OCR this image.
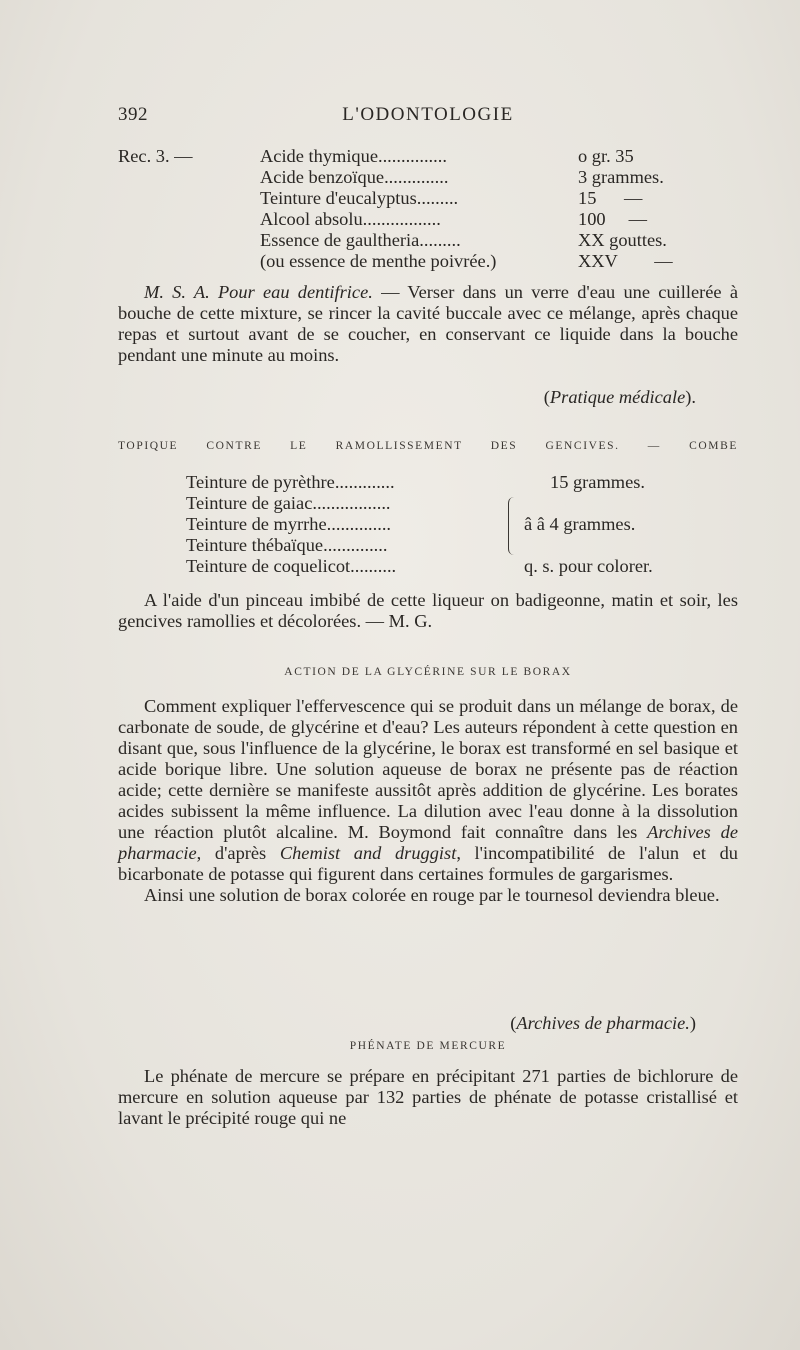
392	L'ODONTOLOGIE
Rec. 3. —	Acide thymique...............	o gr. 35
Acide benzoïque..............	3 grammes.
Teinture d'eucalyptus.........	15      —
Alcool absolu.................	100     —
Essence de gaultheria.........	XX gouttes.
(ou essence de menthe poivrée.)	XXV        —

M. S. A. Pour eau dentifrice. — Verser dans un verre d'eau une cuillerée à bouche de cette mixture, se rincer la cavité buccale avec ce mélange, après chaque repas et surtout avant de se coucher, en conservant ce liquide dans la bouche pendant une minute au moins.

(Pratique médicale).
TOPIQUE CONTRE LE RAMOLLISSEMENT DES GENCIVES. — COMBE
Teinture de pyrèthre.............	15 grammes.
Teinture de gaiac.................
Teinture de myrrhe..............	â â 4 grammes.
Teinture thébaïque..............
Teinture de coquelicot..........	q. s. pour colorer.

A l'aide d'un pinceau imbibé de cette liqueur on badigeonne, matin et soir, les gencives ramollies et décolorées. — M. G.

ACTION DE LA GLYCÉRINE SUR LE BORAX

Comment expliquer l'effervescence qui se produit dans un mélange de borax, de carbonate de soude, de glycérine et d'eau? Les auteurs répondent à cette question en disant que, sous l'influence de la glycérine, le borax est transformé en sel basique et acide borique libre. Une solution aqueuse de borax ne présente pas de réaction acide; cette dernière se manifeste aussitôt après addition de glycérine. Les borates acides subissent la même influence. La dilution avec l'eau donne à la dissolution une réaction plutôt alcaline. M. Boymond fait connaître dans les Archives de pharmacie, d'après Chemist and druggist, l'incompatibilité de l'alun et du bicarbonate de potasse qui figurent dans certaines formules de gargarismes.

Ainsi une solution de borax colorée en rouge par le tournesol deviendra bleue.

(Archives de pharmacie.)
PHÉNATE DE MERCURE

Le phénate de mercure se prépare en précipitant 271 parties de bichlorure de mercure en solution aqueuse par 132 parties de phénate de potasse cristallisé et lavant le précipité rouge qui ne
